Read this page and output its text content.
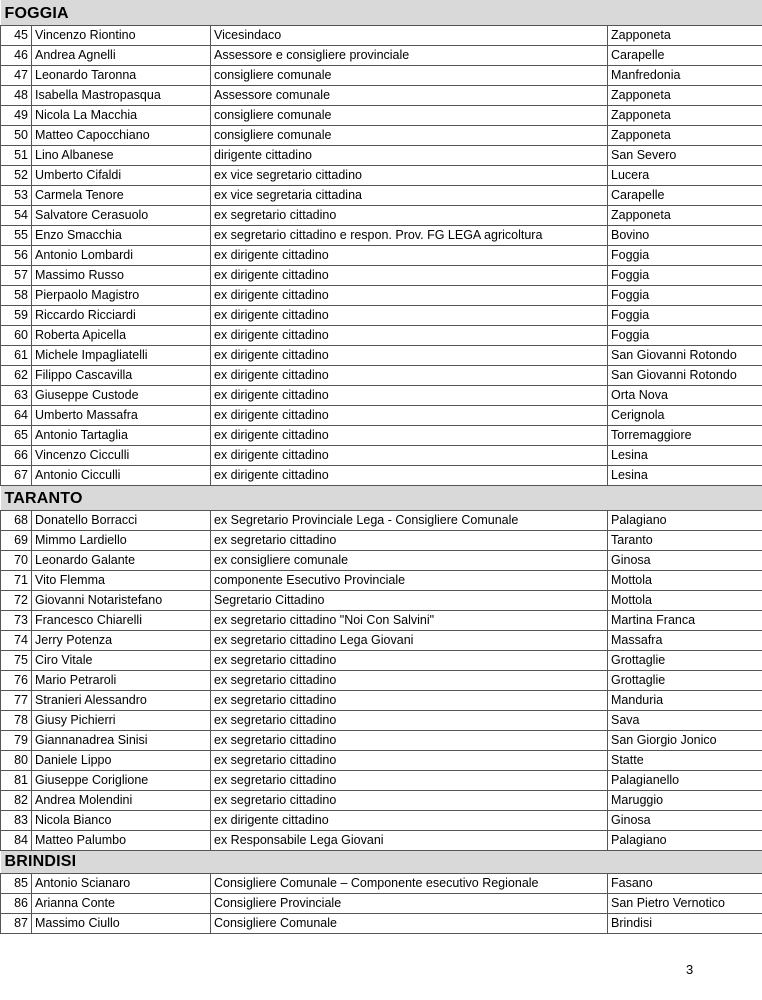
FOGGIA			
45	Vincenzo Riontino	Vicesindaco	Zapponeta
46	Andrea Agnelli	Assessore e consigliere provinciale	Carapelle
47	Leonardo Taronna	consigliere comunale	Manfredonia
48	Isabella Mastropasqua	Assessore comunale	Zapponeta
49	Nicola La Macchia	consigliere comunale	Zapponeta
50	Matteo Capocchiano	consigliere comunale	Zapponeta
51	Lino Albanese	dirigente cittadino	San Severo
52	Umberto Cifaldi	ex vice segretario cittadino	Lucera
53	Carmela Tenore	ex vice segretaria cittadina	Carapelle
54	Salvatore Cerasuolo	ex segretario cittadino	Zapponeta
55	Enzo Smacchia	ex segretario cittadino e respon. Prov. FG LEGA agricoltura	Bovino
56	Antonio Lombardi	ex dirigente cittadino	Foggia
57	Massimo Russo	ex dirigente cittadino	Foggia
58	Pierpaolo Magistro	ex dirigente cittadino	Foggia
59	Riccardo Ricciardi	ex dirigente cittadino	Foggia
60	Roberta Apicella	ex dirigente cittadino	Foggia
61	Michele Impagliatelli	ex dirigente cittadino	San Giovanni Rotondo
62	Filippo Cascavilla	ex dirigente cittadino	San Giovanni Rotondo
63	Giuseppe Custode	ex dirigente cittadino	Orta Nova
64	Umberto Massafra	ex dirigente cittadino	Cerignola
65	Antonio Tartaglia	ex dirigente cittadino	Torremaggiore
66	Vincenzo Cicculli	ex dirigente cittadino	Lesina
67	Antonio Cicculli	ex dirigente cittadino	Lesina
TARANTO			
68	Donatello Borracci	ex Segretario Provinciale Lega - Consigliere Comunale	Palagiano
69	Mimmo Lardiello	ex segretario cittadino	Taranto
70	Leonardo Galante	ex consigliere comunale	Ginosa
71	Vito Flemma	componente Esecutivo Provinciale	Mottola
72	Giovanni Notaristefano	Segretario Cittadino	Mottola
73	Francesco Chiarelli	ex segretario cittadino "Noi Con Salvini"	Martina Franca
74	Jerry Potenza	ex segretario cittadino Lega Giovani	Massafra
75	Ciro Vitale	ex segretario cittadino	Grottaglie
76	Mario Petraroli	ex segretario cittadino	Grottaglie
77	Stranieri Alessandro	ex segretario cittadino	Manduria
78	Giusy Pichierri	ex segretario cittadino	Sava
79	Giannanadrea Sinisi	ex segretario cittadino	San Giorgio Jonico
80	Daniele Lippo	ex segretario cittadino	Statte
81	Giuseppe Coriglione	ex segretario cittadino	Palagianello
82	Andrea Molendini	ex segretario cittadino	Maruggio
83	Nicola Bianco	ex dirigente cittadino	Ginosa
84	Matteo Palumbo	ex Responsabile Lega Giovani	Palagiano
BRINDISI			
85	Antonio Scianaro	Consigliere Comunale – Componente esecutivo Regionale	Fasano
86	Arianna Conte	Consigliere Provinciale	San Pietro Vernotico
87	Massimo Ciullo	Consigliere Comunale	Brindisi
3
